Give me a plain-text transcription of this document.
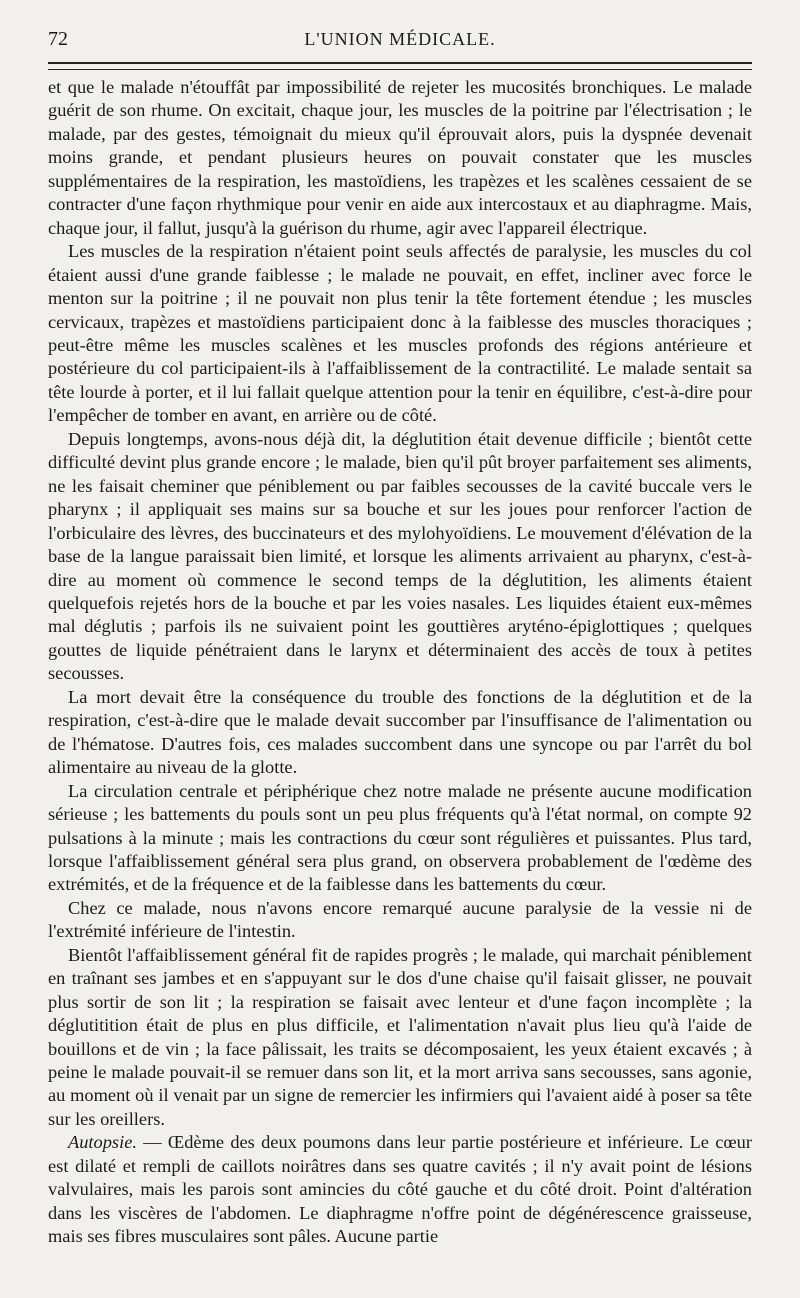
72	L'UNION MÉDICALE.

et que le malade n'étouffât par impossibilité de rejeter les mucosités bronchiques. Le malade guérit de son rhume. On excitait, chaque jour, les muscles de la poitrine par l'électrisation ; le malade, par des gestes, témoignait du mieux qu'il éprouvait alors, puis la dyspnée devenait moins grande, et pendant plusieurs heures on pouvait constater que les muscles supplémentaires de la respiration, les mastoïdiens, les trapèzes et les scalènes cessaient de se contracter d'une façon rhythmique pour venir en aide aux intercostaux et au diaphragme. Mais, chaque jour, il fallut, jusqu'à la guérison du rhume, agir avec l'appareil électrique.

Les muscles de la respiration n'étaient point seuls affectés de paralysie, les muscles du col étaient aussi d'une grande faiblesse ; le malade ne pouvait, en effet, incliner avec force le menton sur la poitrine ; il ne pouvait non plus tenir la tête fortement étendue ; les muscles cervicaux, trapèzes et mastoïdiens participaient donc à la faiblesse des muscles thoraciques ; peut-être même les muscles scalènes et les muscles profonds des régions antérieure et postérieure du col participaient-ils à l'affaiblissement de la contractilité. Le malade sentait sa tête lourde à porter, et il lui fallait quelque attention pour la tenir en équilibre, c'est-à-dire pour l'empêcher de tomber en avant, en arrière ou de côté.

Depuis longtemps, avons-nous déjà dit, la déglutition était devenue difficile ; bientôt cette difficulté devint plus grande encore ; le malade, bien qu'il pût broyer parfaitement ses aliments, ne les faisait cheminer que péniblement ou par faibles secousses de la cavité buccale vers le pharynx ; il appliquait ses mains sur sa bouche et sur les joues pour renforcer l'action de l'orbiculaire des lèvres, des buccinateurs et des mylohyoïdiens. Le mouvement d'élévation de la base de la langue paraissait bien limité, et lorsque les aliments arrivaient au pharynx, c'est-à-dire au moment où commence le second temps de la déglutition, les aliments étaient quelquefois rejetés hors de la bouche et par les voies nasales. Les liquides étaient eux-mêmes mal déglutis ; parfois ils ne suivaient point les gouttières aryténo-épiglottiques ; quelques gouttes de liquide pénétraient dans le larynx et déterminaient des accès de toux à petites secousses.

La mort devait être la conséquence du trouble des fonctions de la déglutition et de la respiration, c'est-à-dire que le malade devait succomber par l'insuffisance de l'alimentation ou de l'hématose. D'autres fois, ces malades succombent dans une syncope ou par l'arrêt du bol alimentaire au niveau de la glotte.

La circulation centrale et périphérique chez notre malade ne présente aucune modification sérieuse ; les battements du pouls sont un peu plus fréquents qu'à l'état normal, on compte 92 pulsations à la minute ; mais les contractions du cœur sont régulières et puissantes. Plus tard, lorsque l'affaiblissement général sera plus grand, on observera probablement de l'œdème des extrémités, et de la fréquence et de la faiblesse dans les battements du cœur.

Chez ce malade, nous n'avons encore remarqué aucune paralysie de la vessie ni de l'extrémité inférieure de l'intestin.

Bientôt l'affaiblissement général fit de rapides progrès ; le malade, qui marchait péniblement en traînant ses jambes et en s'appuyant sur le dos d'une chaise qu'il faisait glisser, ne pouvait plus sortir de son lit ; la respiration se faisait avec lenteur et d'une façon incomplète ; la déglutitition était de plus en plus difficile, et l'alimentation n'avait plus lieu qu'à l'aide de bouillons et de vin ; la face pâlissait, les traits se décomposaient, les yeux étaient excavés ; à peine le malade pouvait-il se remuer dans son lit, et la mort arriva sans secousses, sans agonie, au moment où il venait par un signe de remercier les infirmiers qui l'avaient aidé à poser sa tête sur les oreillers.

Autopsie. — Œdème des deux poumons dans leur partie postérieure et inférieure. Le cœur est dilaté et rempli de caillots noirâtres dans ses quatre cavités ; il n'y avait point de lésions valvulaires, mais les parois sont amincies du côté gauche et du côté droit. Point d'altération dans les viscères de l'abdomen. Le diaphragme n'offre point de dégénérescence graisseuse, mais ses fibres musculaires sont pâles. Aucune partie
